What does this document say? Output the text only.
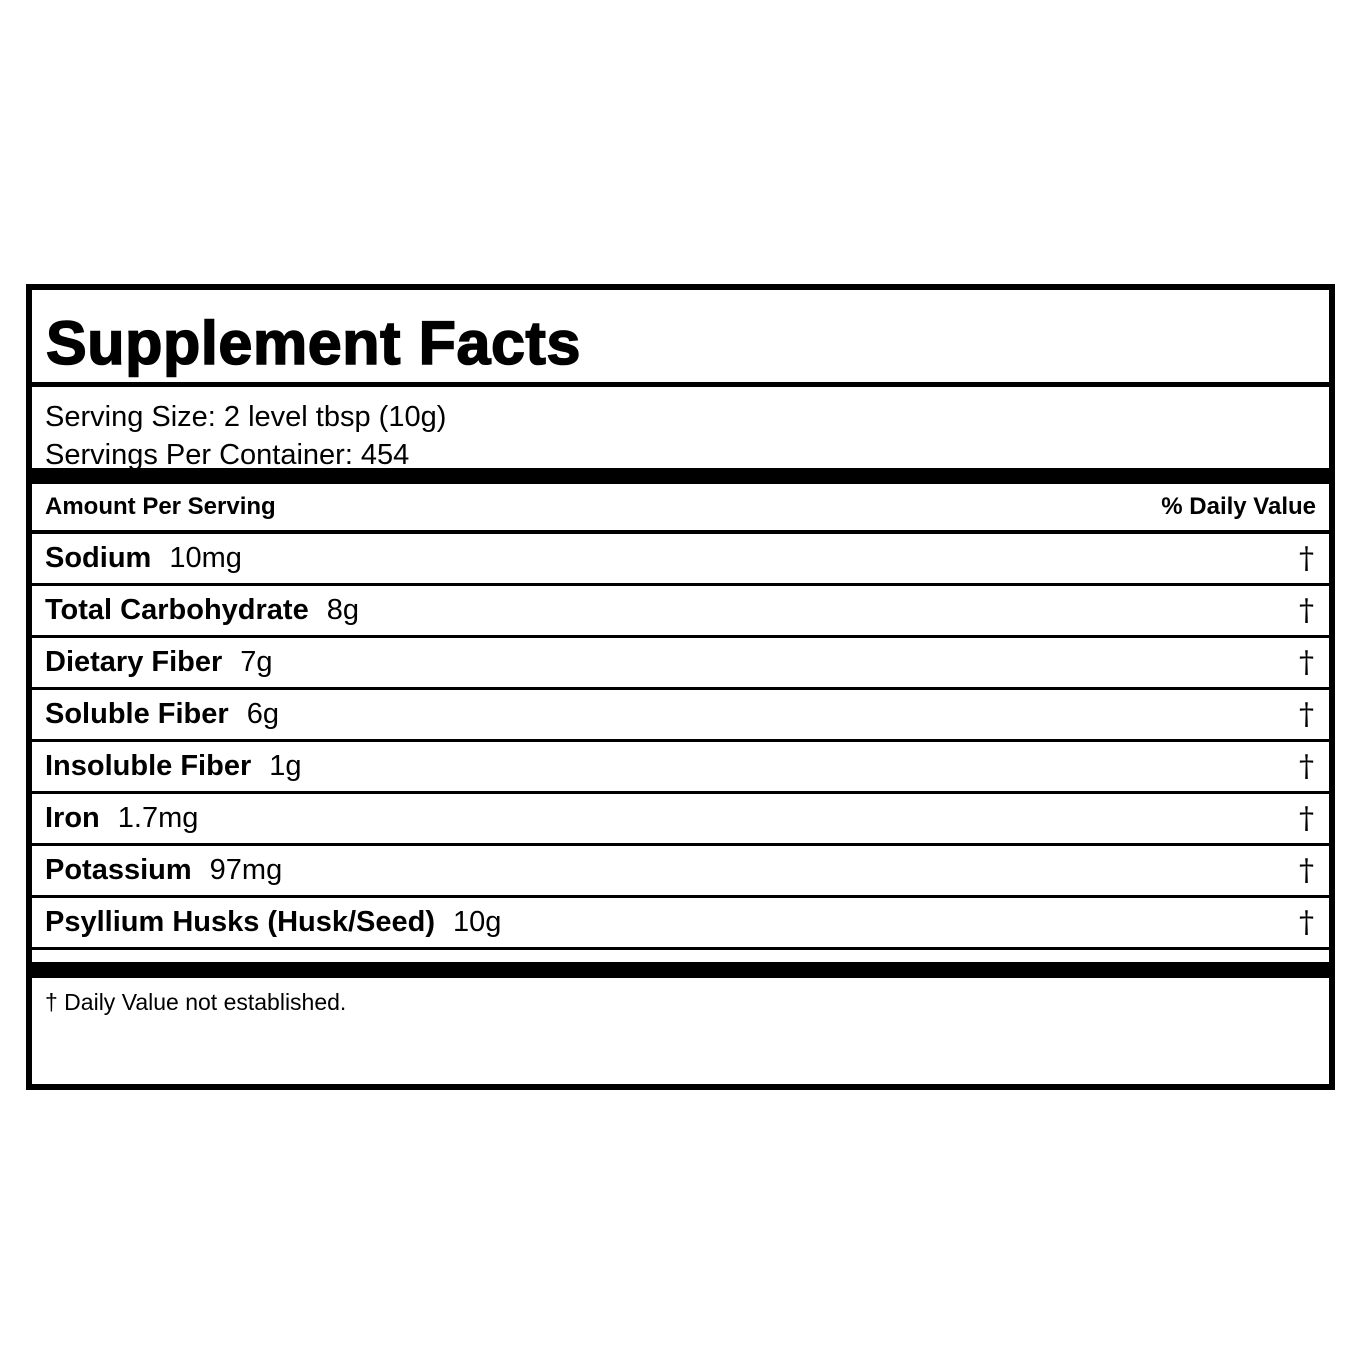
Supplement Facts
Serving Size: 2 level tbsp (10g)
Servings Per Container: 454
Amount Per Serving	% Daily Value
Sodium 10mg	†
Total Carbohydrate 8g	†
Dietary Fiber 7g	†
Soluble Fiber 6g	†
Insoluble Fiber 1g	†
Iron 1.7mg	†
Potassium 97mg	†
Psyllium Husks (Husk/Seed) 10g	†
† Daily Value not established.
